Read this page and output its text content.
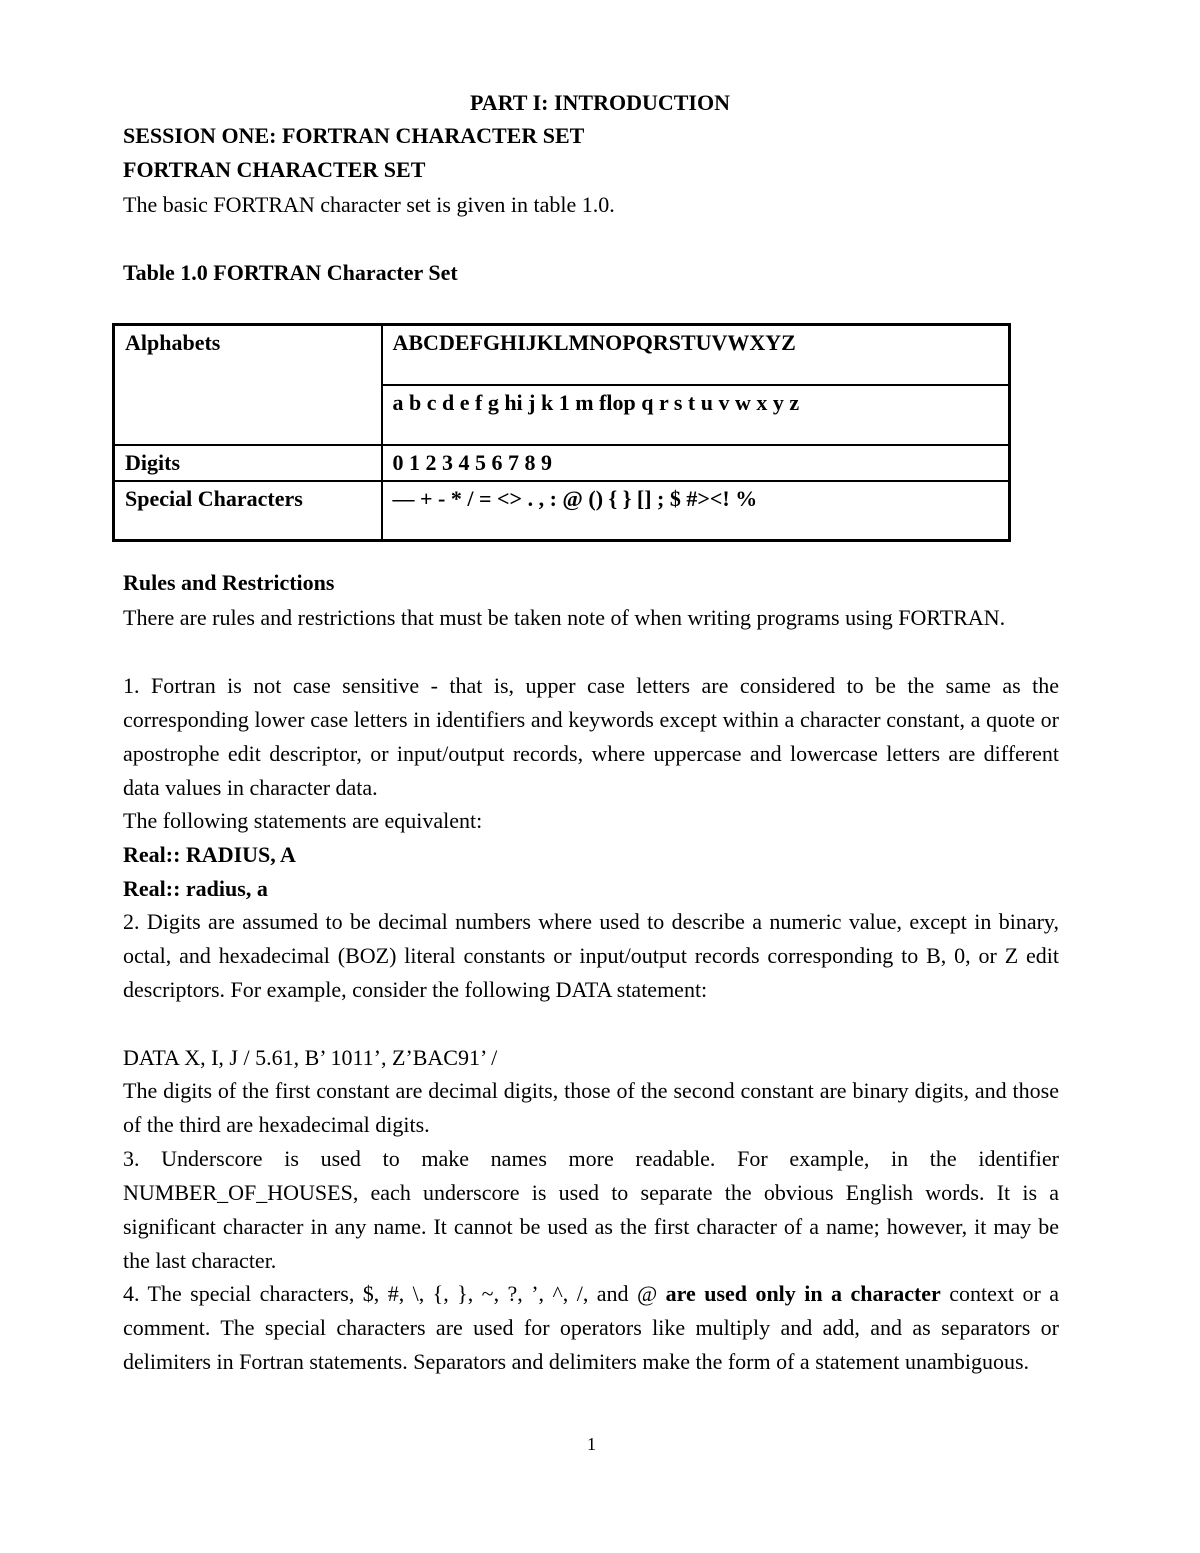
PART I: INTRODUCTION
SESSION ONE: FORTRAN CHARACTER SET
FORTRAN CHARACTER SET
The basic FORTRAN character set is given in table 1.0.
Table 1.0 FORTRAN Character Set
Alphabets	ABCDEFGHIJKLMNOPQRSTUVWXYZ
	a b c d e f g hi j k 1 m flop q r s t u v w x y z
Digits	0 1 2 3 4 5 6 7 8 9
Special Characters	— + - * / = <> . , : @ () { } [] ; $ #><! %
Rules and Restrictions
There are rules and restrictions that must be taken note of when writing programs using FORTRAN.
1. Fortran is not case sensitive - that is, upper case letters are considered to be the same as the corresponding lower case letters in identifiers and keywords except within a character constant, a quote or apostrophe edit descriptor, or input/output records, where uppercase and lowercase letters are different data values in character data.
The following statements are equivalent:
Real:: RADIUS, A
Real:: radius, a
2. Digits are assumed to be decimal numbers where used to describe a numeric value, except in binary, octal, and hexadecimal (BOZ) literal constants or input/output records corresponding to B, 0, or Z edit descriptors. For example, consider the following DATA statement:
DATA X, I, J / 5.61, B’ 1011’, Z’BAC91’ /
The digits of the first constant are decimal digits, those of the second constant are binary digits, and those of the third are hexadecimal digits.
3. Underscore is used to make names more readable. For example, in the identifier NUMBER_OF_HOUSES, each underscore is used to separate the obvious English words. It is a significant character in any name. It cannot be used as the first character of a name; however, it may be the last character.
4. The special characters, $, #, \, {, }, ~, ?, ’, ^, /, and @ are used only in a character context or a comment. The special characters are used for operators like multiply and add, and as separators or delimiters in Fortran statements. Separators and delimiters make the form of a statement unambiguous.
1
